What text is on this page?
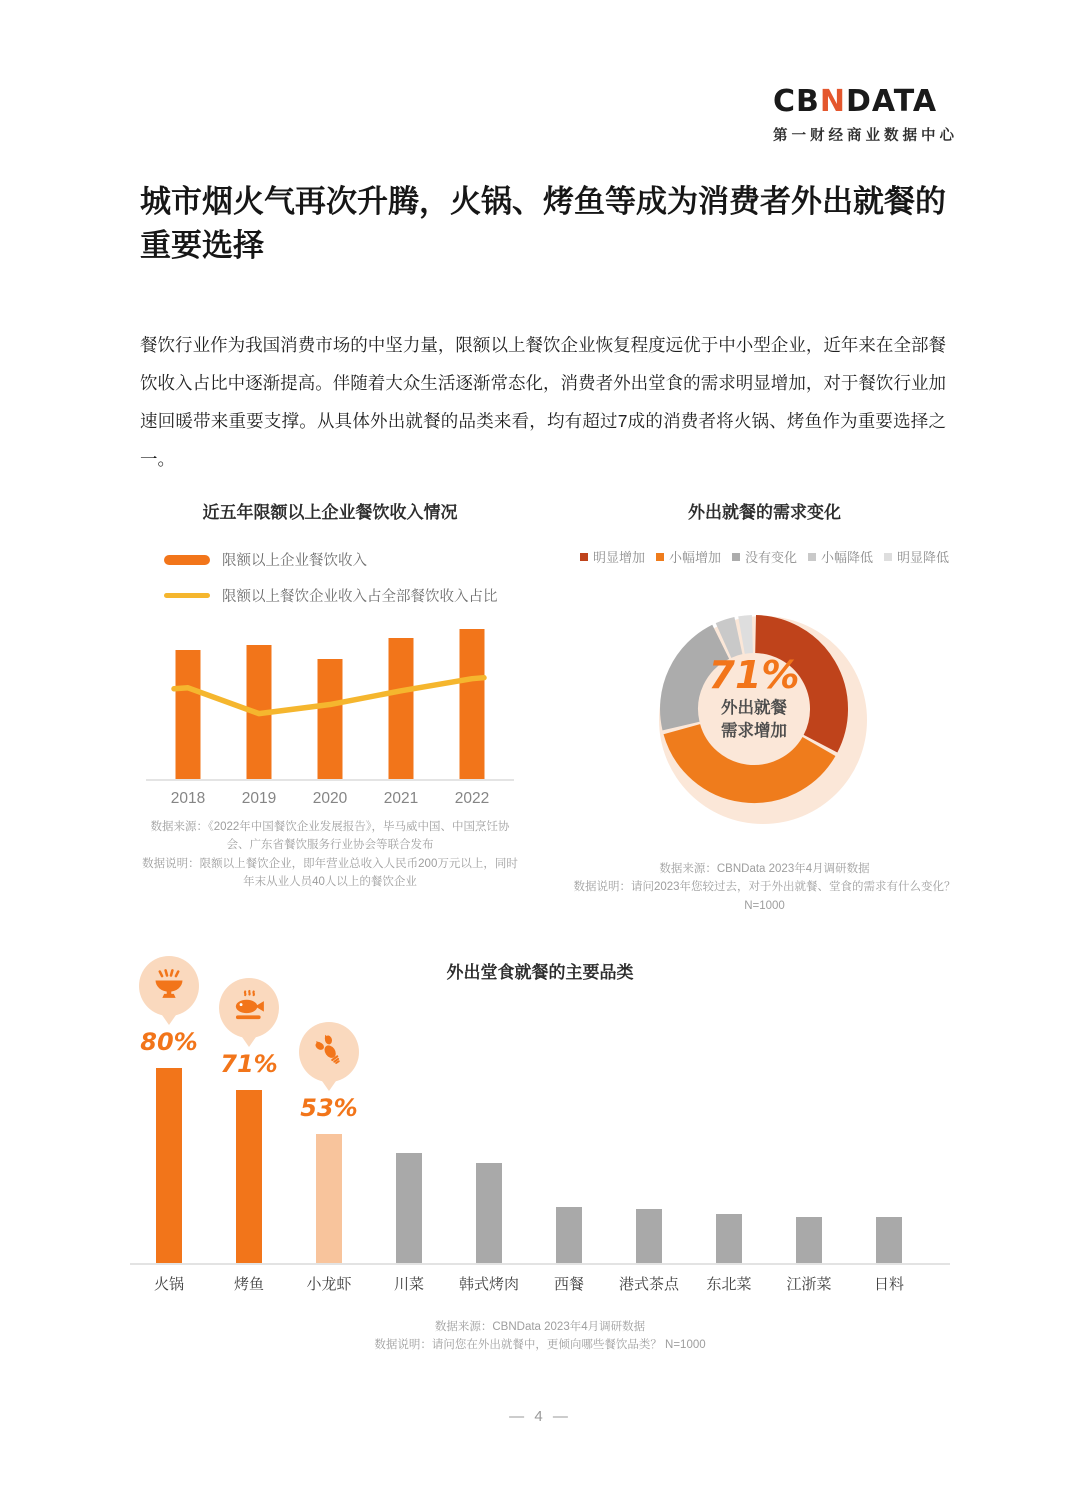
CBNDATA
第一财经商业数据中心
城市烟火气再次升腾，火锅、烤鱼等成为消费者外出就餐的重要选择

餐饮行业作为我国消费市场的中坚力量，限额以上餐饮企业恢复程度远优于中小型企业，近年来在全部餐饮收入占比中逐渐提高。伴随着大众生活逐渐常态化，消费者外出堂食的需求明显增加，对于餐饮行业加速回暖带来重要支撑。从具体外出就餐的品类来看，均有超过7成的消费者将火锅、烤鱼作为重要选择之一。

近五年限额以上企业餐饮收入情况
限额以上企业餐饮收入
限额以上餐饮企业收入占全部餐饮收入占比
2018 2019 2020 2021 2022
数据来源：《2022年中国餐饮企业发展报告》，毕马威中国、中国烹饪协会、广东省餐饮服务行业协会等联合发布
数据说明：限额以上餐饮企业，即年营业总收入人民币200万元以上，同时年末从业人员40人以上的餐饮企业
外出就餐的需求变化
明显增加 小幅增加 没有变化 小幅降低 明显降低
71%
外出就餐
需求增加
数据来源：CBNData 2023年4月调研数据
数据说明：请问2023年您较过去，对于外出就餐、堂食的需求有什么变化？
N=1000
外出堂食就餐的主要品类
火锅
80%
烤鱼
71%
小龙虾
53%
川菜	韩式烤肉	西餐	港式茶点	东北菜	江浙菜	日料
数据来源：CBNData 2023年4月调研数据
数据说明：请问您在外出就餐中，更倾向哪些餐饮品类？ N=1000
— 4 —
